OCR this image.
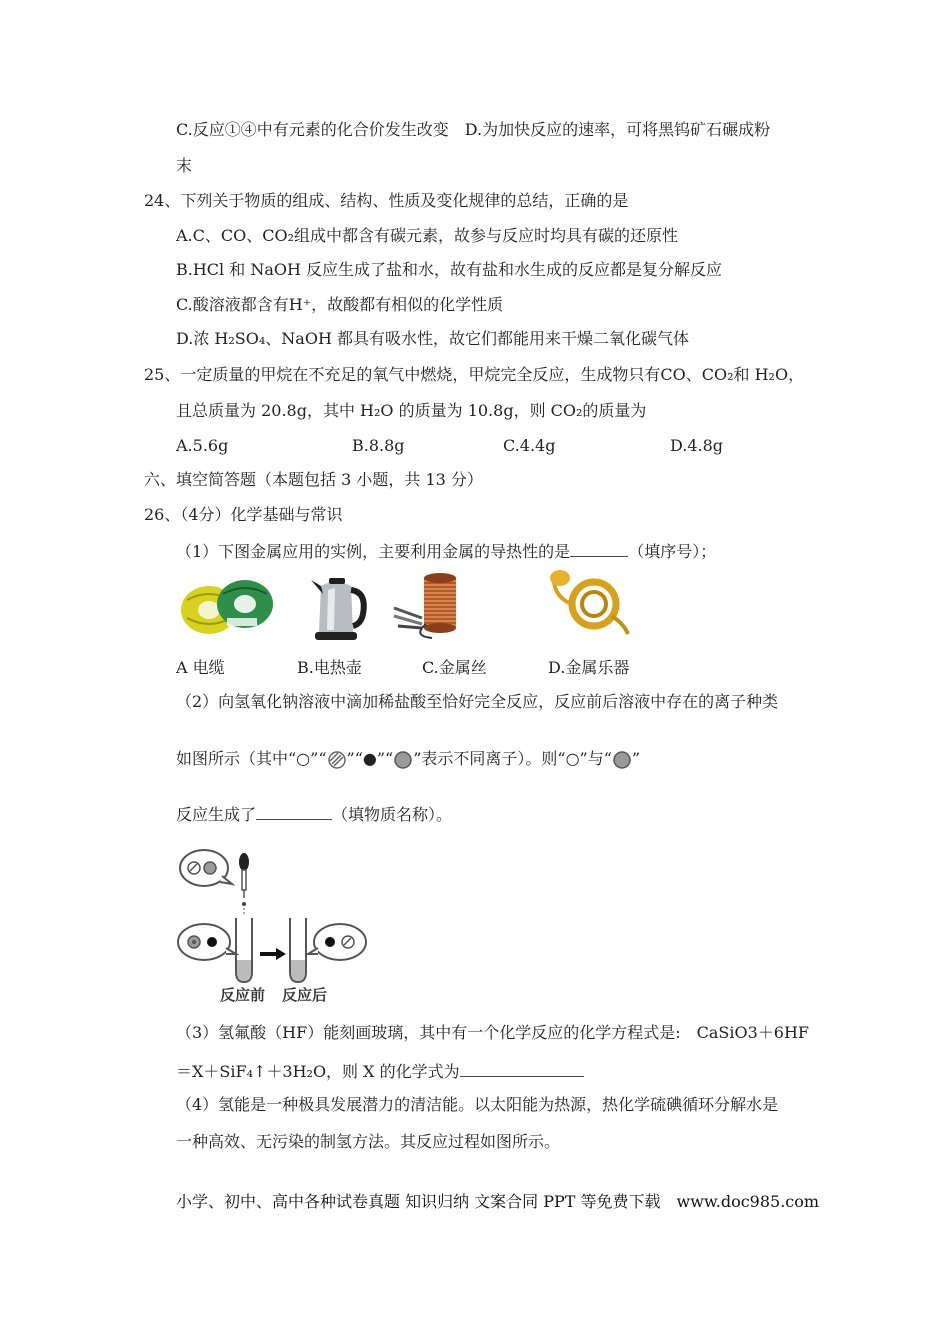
C.反应①④中有元素的化合价发生改变　D.为加快反应的速率，可将黑钨矿石碾成粉
末
24、下列关于物质的组成、结构、性质及变化规律的总结，正确的是
A.C、CO、CO₂组成中都含有碳元素，故参与反应时均具有碳的还原性
B.HCl 和 NaOH 反应生成了盐和水，故有盐和水生成的反应都是复分解反应
C.酸溶液都含有H⁺，故酸都有相似的化学性质
D.浓 H₂SO₄、NaOH 都具有吸水性，故它们都能用来干燥二氧化碳气体
25、一定质量的甲烷在不充足的氧气中燃烧，甲烷完全反应，生成物只有CO、CO₂和 H₂O，
且总质量为 20.8g，其中 H₂O 的质量为 10.8g，则 CO₂的质量为
A.5.6g	B.8.8g	C.4.4g	D.4.8g
六、填空简答题（本题包括 3 小题，共 13 分）
26、（4分）化学基础与常识
（1）下图金属应用的实例，主要利用金属的导热性的是	（填序号）；
A 电缆	B.电热壶	C.金属丝	D.金属乐器
（2）向氢氧化钠溶液中滴加稀盐酸至恰好完全反应，反应前后溶液中存在的离子种类
如图所示（其中“○”“ ”“●”“ ”表示不同离子）。则“○”与“ ”
反应生成了	（填物质名称）。
反应前 反应后
（3）氢氟酸（HF）能刻画玻璃，其中有一个化学反应的化学方程式是:　CaSiO3＋6HF
＝X＋SiF₄↑＋3H₂O，则 X 的化学式为
（4）氢能是一种极具发展潜力的清洁能。以太阳能为热源，热化学硫碘循环分解水是
一种高效、无污染的制氢方法。其反应过程如图所示。
小学、初中、高中各种试卷真题 知识归纳 文案合同 PPT 等免费下载　www.doc985.com
